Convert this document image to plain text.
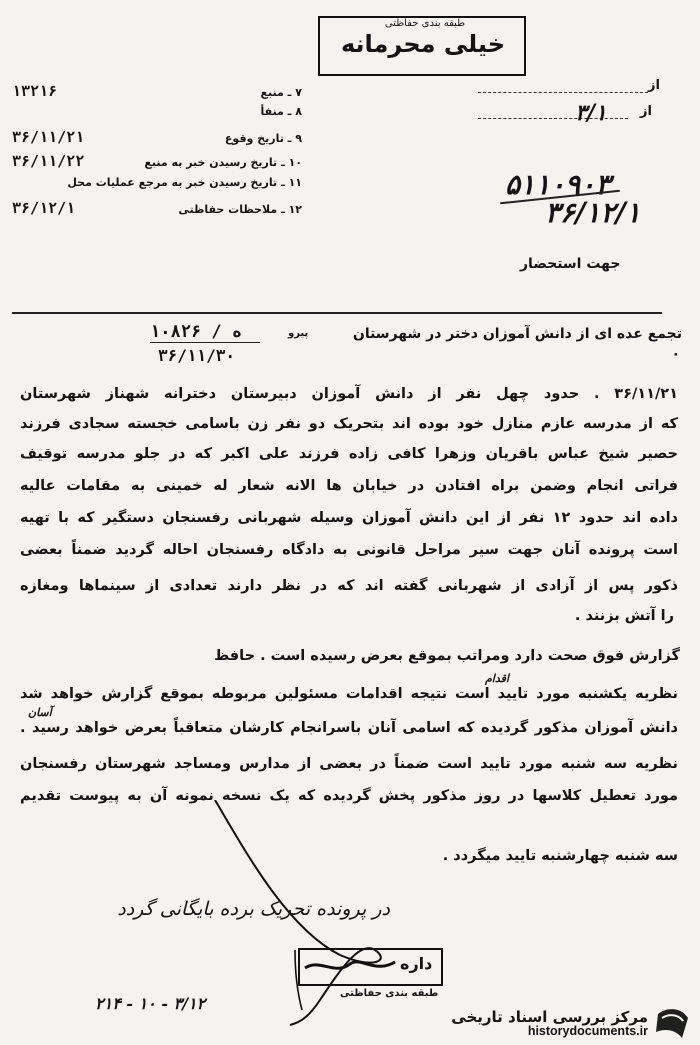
طبقه بندی حفاظتی
خیلی محرمانه
۷ ـ منبع
۱۳۲۱۶
۸ ـ منفأ
۹ ـ تاریخ وقوع
۳۶/۱۱/۲۱
۱۰ ـ تاریخ رسیدن خبر به منبع
۳۶/۱۱/۲۲
۱۱ ـ تاریخ رسیدن خبر به مرجع عملیات محل
۱۲ ـ ملاحظات حفاظتی
۳۶/۱۲/۱
از
از
۳/۱
۵۱۱۰۹۰۳
۳۶/۱۲/۱
جهت استحضار
تجمع عده ای از دانش آموزان دختر در شهرستان
۰
ه / ۱۰۸۲۶
۳۶/۱۱/۳۰
پیرو
۳۶/۱۱/۲۱ . حدود چهل نفر از دانش آموزان دبیرستان دخترانه شهناز شهرستان
که از مدرسه عازم منازل خود بوده اند بتحریک دو نفر زن باسامی خجسته سجادی فرزند
حصیر شیخ عباس باقریان وزهرا کافی زاده فرزند علی اکبر که در جلو مدرسه توقیف
فراتی انجام وضمن براه افتادن در خیابان ها الانه شعار له خمینی به مقامات عالیه
داده اند حدود ۱۲ نفر از این دانش آموزان وسیله شهربانی رفسنجان دستگیر که با تهیه
است پرونده آنان جهت سیر مراحل قانونی به دادگاه رفسنجان احاله گردید ضمناً بعضی
ذکور پس از آزادی از شهربانی گفته اند که در نظر دارند تعدادی از سینماها ومغازه
را آتش بزنند .
گزارش فوق صحت دارد ومراتب بموقع بعرض رسیده است . حافظ
اقدام
نظریه یکشنبه مورد تایید است نتیجه اقدامات مسئولین مربوطه بموقع گزارش خواهد شد
آسان
دانش آموزان مذکور گردیده که اسامی آنان باسرانجام کارشان متعاقباً بعرض خواهد رسید .
نظریه سه شنبه مورد تایید است ضمناً در بعضی از مدارس ومساجد شهرستان رفسنجان
مورد تعطیل کلاسها در روز مذکور پخش گردیده که یک نسخه نمونه آن به پیوست تقدیم
سه شنبه چهارشنبه تایید میگردد .
در پرونده تحریک برده بایگانی گردد
داره
طبقه بندی حفاظتی
۲۱۴ - ۱۰ - ۳/۱۲
مرکز بررسی اسناد تاریخی
historydocuments.ir
